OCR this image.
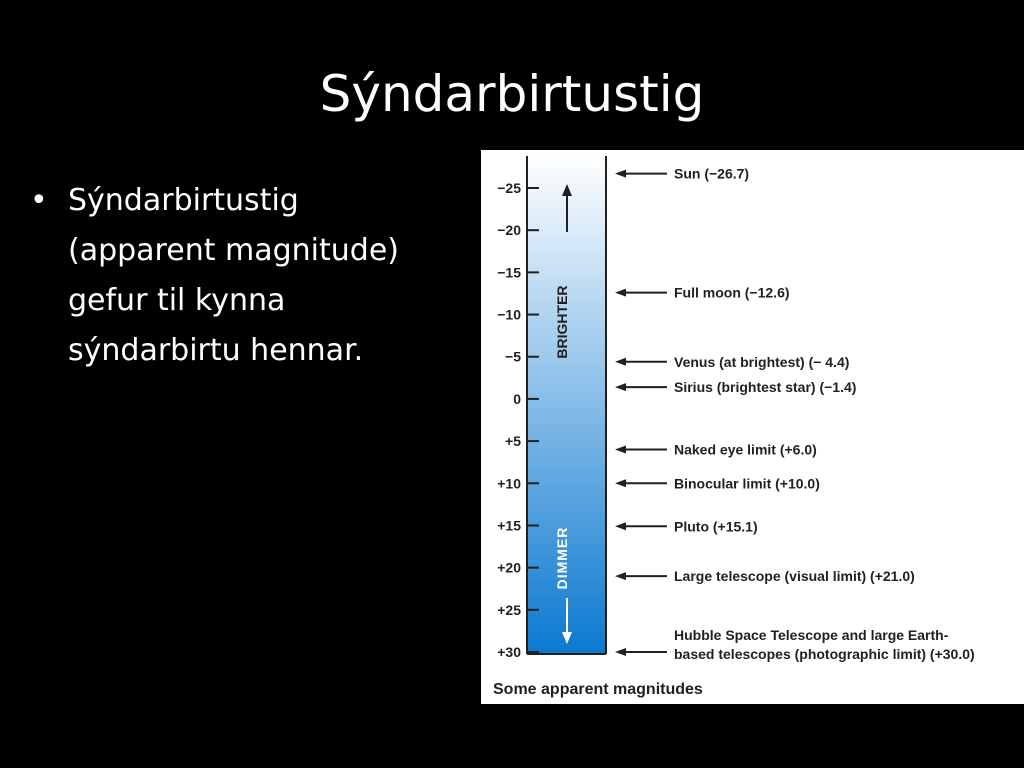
Sýndarbirtustig
• Sýndarbirtustig
(apparent magnitude)
gefur til kynna
sýndarbirtu hennar.
−25
−20
−15
−10
−5
0
+5
+10
+15
+20
+25
+30
Sun (−26.7)
Full moon (−12.6)
Venus (at brightest) (− 4.4)
Sirius (brightest star) (−1.4)
Naked eye limit (+6.0)
Binocular limit (+10.0)
Pluto (+15.1)
Large telescope (visual limit) (+21.0)
Hubble Space Telescope and large Earth-based telescopes (photographic limit) (+30.0)
BRIGHTER
DIMMER
Some apparent magnitudes
